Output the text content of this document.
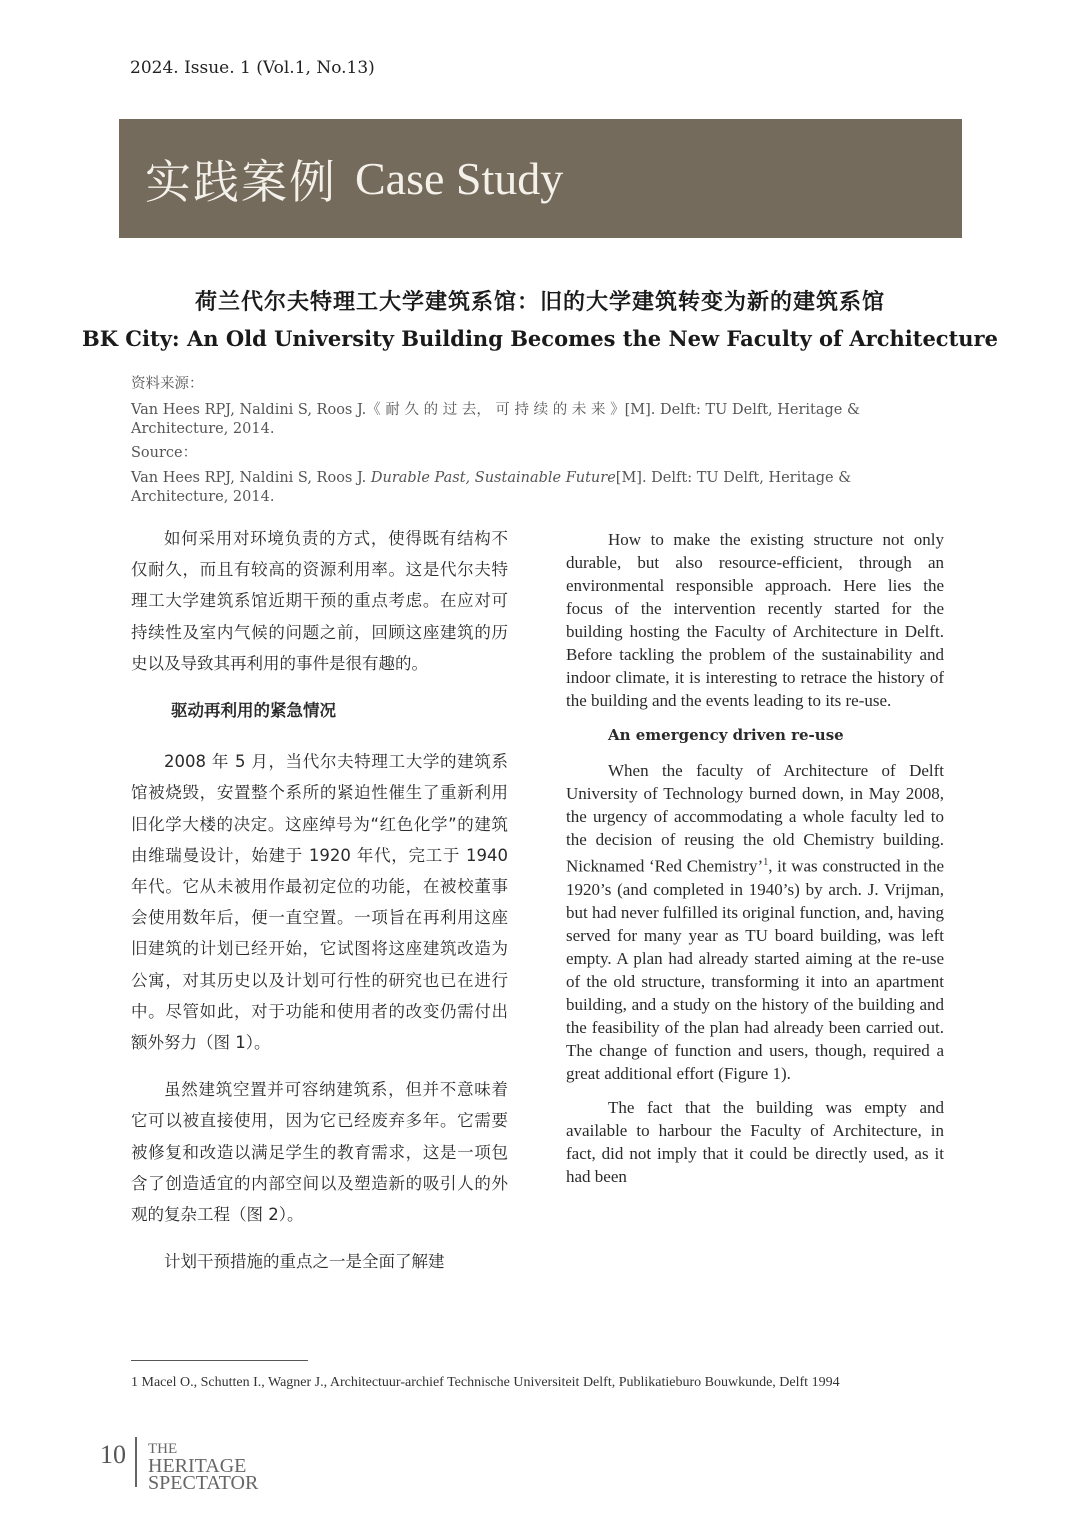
2024. Issue. 1 (Vol.1, No.13)
实践案例 Case Study
荷兰代尔夫特理工大学建筑系馆：旧的大学建筑转变为新的建筑系馆
BK City: An Old University Building Becomes the New Faculty of Architecture
资料来源：
Van Hees RPJ, Naldini S, Roos J.《 耐 久 的 过 去， 可 持 续 的 未 来 》[M]. Delft: TU Delft, Heritage & Architecture, 2014.
Source：
Van Hees RPJ, Naldini S, Roos J. Durable Past, Sustainable Future[M]. Delft: TU Delft, Heritage & Architecture, 2014.

如何采用对环境负责的方式，使得既有结构不仅耐久，而且有较高的资源利用率。这是代尔夫特理工大学建筑系馆近期干预的重点考虑。在应对可持续性及室内气候的问题之前，回顾这座建筑的历史以及导致其再利用的事件是很有趣的。

驱动再利用的紧急情况

2008 年 5 月，当代尔夫特理工大学的建筑系馆被烧毁，安置整个系所的紧迫性催生了重新利用旧化学大楼的决定。这座绰号为“红色化学”的建筑由维瑞曼设计，始建于 1920 年代，完工于 1940 年代。它从未被用作最初定位的功能，在被校董事会使用数年后，便一直空置。一项旨在再利用这座旧建筑的计划已经开始，它试图将这座建筑改造为公寓，对其历史以及计划可行性的研究也已在进行中。尽管如此，对于功能和使用者的改变仍需付出额外努力（图 1）。

虽然建筑空置并可容纳建筑系，但并不意味着它可以被直接使用，因为它已经废弃多年。它需要被修复和改造以满足学生的教育需求，这是一项包含了创造适宜的内部空间以及塑造新的吸引人的外观的复杂工程（图 2）。

计划干预措施的重点之一是全面了解建

How to make the existing structure not only durable, but also resource-efficient, through an environmental responsible approach. Here lies the focus of the intervention recently started for the building hosting the Faculty of Architecture in Delft. Before tackling the problem of the sustainability and indoor climate, it is interesting to retrace the history of the building and the events leading to its re-use.

An emergency driven re-use

When the faculty of Architecture of Delft University of Technology burned down, in May 2008, the urgency of accommodating a whole faculty led to the decision of reusing the old Chemistry building. Nicknamed ‘Red Chemistry’$^1$, it was constructed in the 1920’s (and completed in 1940’s) by arch. J. Vrijman, but had never fulfilled its original function, and, having served for many year as TU board building, was left empty. A plan had already started aiming at the re-use of the old structure, transforming it into an apartment building, and a study on the history of the building and the feasibility of the plan had already been carried out. The change of function and users, though, required a great additional effort (Figure 1).

The fact that the building was empty and available to harbour the Faculty of Architecture, in fact, did not imply that it could be directly used, as it had been

1 Macel O., Schutten I., Wagner J., Architectuur-archief Technische Universiteit Delft, Publikatieburo Bouwkunde, Delft 1994
10 THE
HERITAGE
SPECTATOR
